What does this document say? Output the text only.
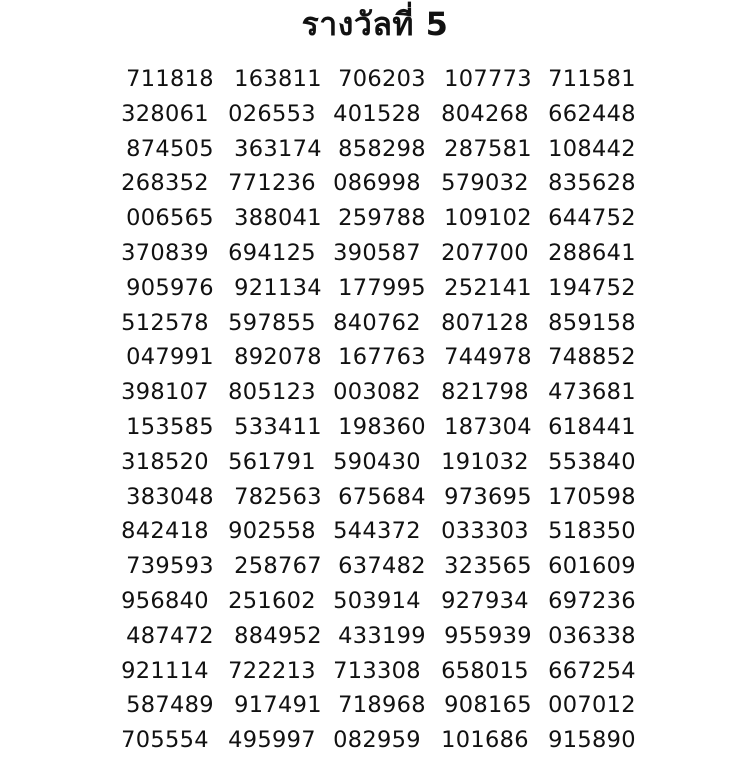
รางวัลที่ 5
711818 163811 706203 107773 711581
328061 026553 401528 804268 662448
874505 363174 858298 287581 108442
268352 771236 086998 579032 835628
006565 388041 259788 109102 644752
370839 694125 390587 207700 288641
905976 921134 177995 252141 194752
512578 597855 840762 807128 859158
047991 892078 167763 744978 748852
398107 805123 003082 821798 473681
153585 533411 198360 187304 618441
318520 561791 590430 191032 553840
383048 782563 675684 973695 170598
842418 902558 544372 033303 518350
739593 258767 637482 323565 601609
956840 251602 503914 927934 697236
487472 884952 433199 955939 036338
921114 722213 713308 658015 667254
587489 917491 718968 908165 007012
705554 495997 082959 101686 915890
